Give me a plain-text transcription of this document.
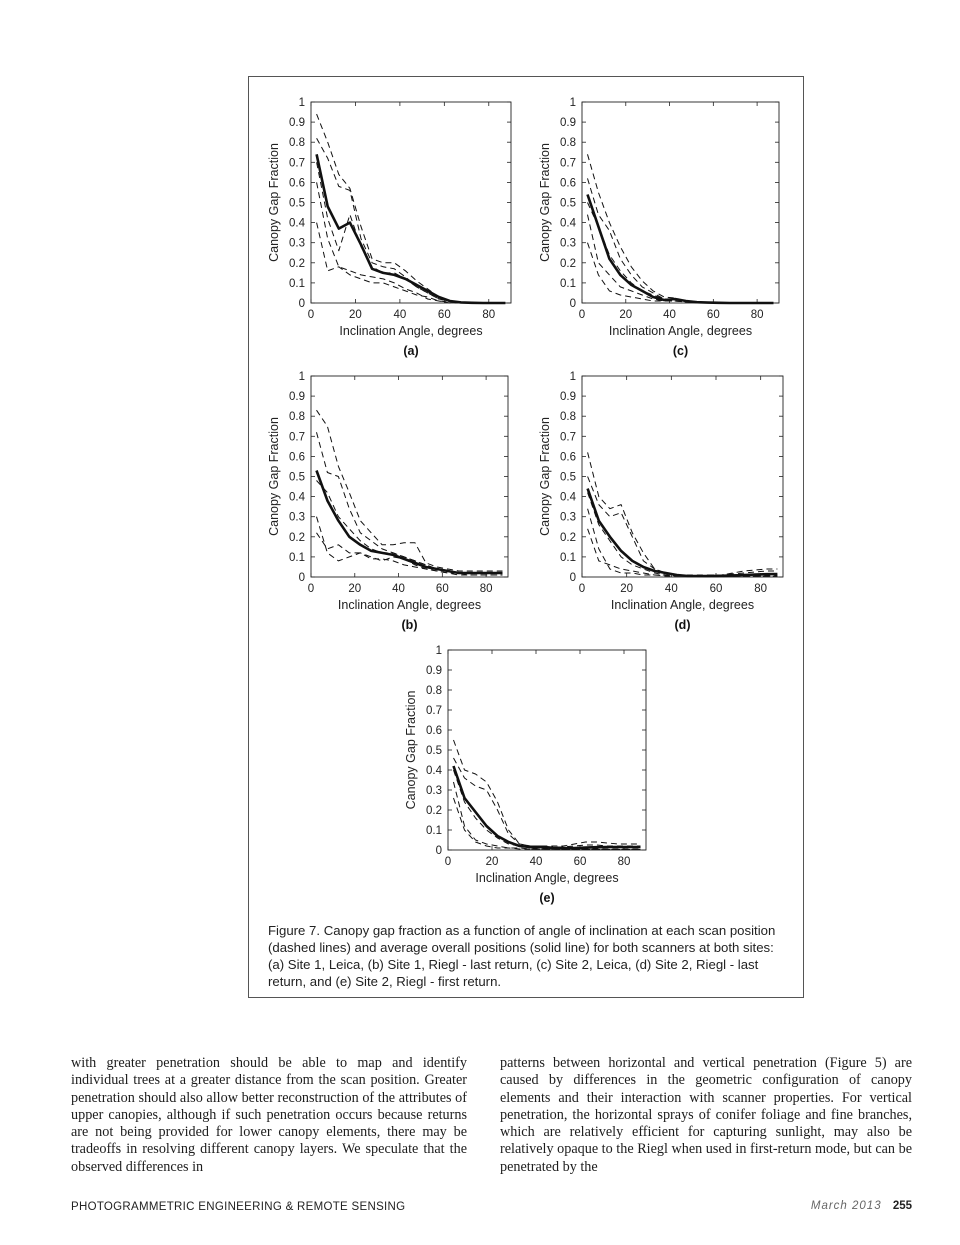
0
0.1
0.2
0.3
0.4
0.5
0.6
0.7
0.8
0.9
1
0	20	40	60	80
Inclination Angle, degrees
Canopy Gap Fraction
(a)
0
0.1
0.2
0.3
0.4
0.5
0.6
0.7
0.8
0.9
1
0	20	40	60	80
Inclination Angle, degrees
Canopy Gap Fraction
(c)
0
0.1
0.2
0.3
0.4
0.5
0.6
0.7
0.8
0.9
1
0	20	40	60	80
Inclination Angle, degrees
Canopy Gap Fraction
(b)
0
0.1
0.2
0.3
0.4
0.5
0.6
0.7
0.8
0.9
1
0	20	40	60	80
Inclination Angle, degrees
Canopy Gap Fraction
(d)
0
0.1
0.2
0.3
0.4
0.5
0.6
0.7
0.8
0.9
1
0	20	40	60	80
Inclination Angle, degrees
Canopy Gap Fraction
(e)

Figure 7. Canopy gap fraction as a function of angle of inclination at each scan position (dashed lines) and average overall positions (solid line) for both scanners at both sites: (a) Site 1, Leica, (b) Site 1, Riegl - last return, (c) Site 2, Leica, (d) Site 2, Riegl - last return, and (e) Site 2, Riegl - first return.

with greater penetration should be able to map and identify individual trees at a greater distance from the scan position. Greater penetration should also allow better reconstruction of the attributes of upper canopies, although if such penetration occurs because returns are not being provided for lower canopy elements, there may be tradeoffs in resolving different canopy layers. We speculate that the observed differences in

patterns between horizontal and vertical penetration (Figure 5) are caused by differences in the geometric configuration of canopy elements and their interaction with scanner properties. For vertical penetration, the horizontal sprays of conifer foliage and fine branches, which are relatively efficient for capturing sunlight, may also be relatively opaque to the Riegl when used in first-return mode, but can be penetrated by the

PHOTOGRAMMETRIC ENGINEERING & REMOTE SENSING	March 2013 255
